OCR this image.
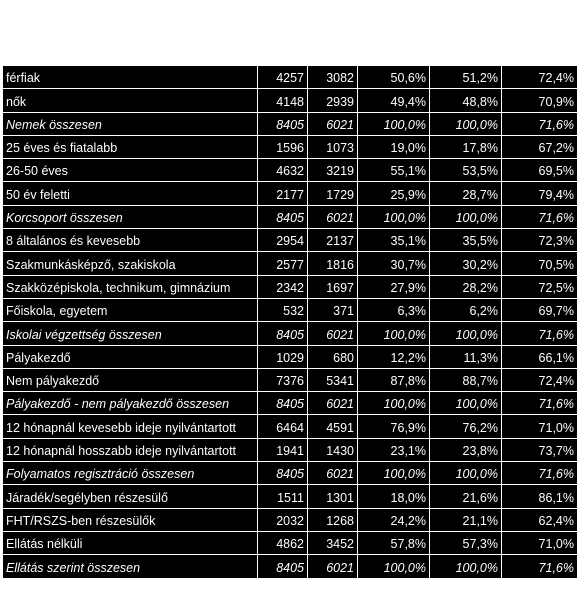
férfiak	4257	3082	50,6%	51,2%	72,4%
nők	4148	2939	49,4%	48,8%	70,9%
Nemek összesen	8405	6021	100,0%	100,0%	71,6%
25 éves és fiatalabb	1596	1073	19,0%	17,8%	67,2%
26-50 éves	4632	3219	55,1%	53,5%	69,5%
50 év feletti	2177	1729	25,9%	28,7%	79,4%
Korcsoport összesen	8405	6021	100,0%	100,0%	71,6%
8 általános és kevesebb	2954	2137	35,1%	35,5%	72,3%
Szakmunkásképző, szakiskola	2577	1816	30,7%	30,2%	70,5%
Szakközépiskola, technikum, gimnázium	2342	1697	27,9%	28,2%	72,5%
Főiskola, egyetem	532	371	6,3%	6,2%	69,7%
Iskolai végzettség összesen	8405	6021	100,0%	100,0%	71,6%
Pályakezdő	1029	680	12,2%	11,3%	66,1%
Nem pályakezdő	7376	5341	87,8%	88,7%	72,4%
Pályakezdő - nem pályakezdő összesen	8405	6021	100,0%	100,0%	71,6%
12 hónapnál kevesebb ideje nyilvántartott	6464	4591	76,9%	76,2%	71,0%
12 hónapnál hosszabb ideje nyilvántartott	1941	1430	23,1%	23,8%	73,7%
Folyamatos regisztráció összesen	8405	6021	100,0%	100,0%	71,6%
Járadék/segélyben részesülő	1511	1301	18,0%	21,6%	86,1%
FHT/RSZS-ben részesülők	2032	1268	24,2%	21,1%	62,4%
Ellátás nélküli	4862	3452	57,8%	57,3%	71,0%
Ellátás szerint összesen	8405	6021	100,0%	100,0%	71,6%
